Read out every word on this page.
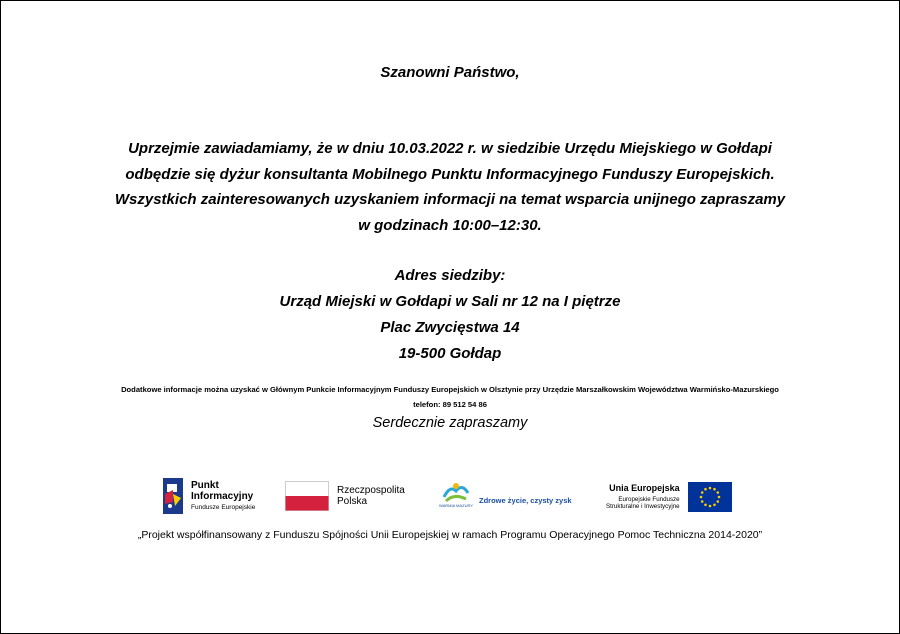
Szanowni Państwo,
Uprzejmie zawiadamiamy, że w dniu 10.03.2022 r. w siedzibie Urzędu Miejskiego w Gołdapi
odbędzie się dyżur konsultanta Mobilnego Punktu Informacyjnego Funduszy Europejskich.
Wszystkich zainteresowanych uzyskaniem informacji na temat wsparcia unijnego zapraszamy
w godzinach 10:00–12:30.
Adres siedziby:
Urząd Miejski w Gołdapi w Sali nr 12 na I piętrze
Plac Zwycięstwa 14
19-500 Gołdap
Dodatkowe informacje można uzyskać w Głównym Punkcie Informacyjnym Funduszy Europejskich w Olsztynie przy Urzędzie Marszałkowskim Województwa Warmińsko-Mazurskiego
telefon: 89 512 54 86
Serdecznie zapraszamy
Punkt
Informacyjny
Fundusze Europejskie
Rzeczpospolita
Polska	WARMIA MAZURY
Zdrowe życie, czysty zysk
Unia Europejska
Europejskie Fundusze
Strukturalne i Inwestycyjne
„Projekt współfinansowany z Funduszu Spójności Unii Europejskiej w ramach Programu Operacyjnego Pomoc Techniczna 2014-2020”
